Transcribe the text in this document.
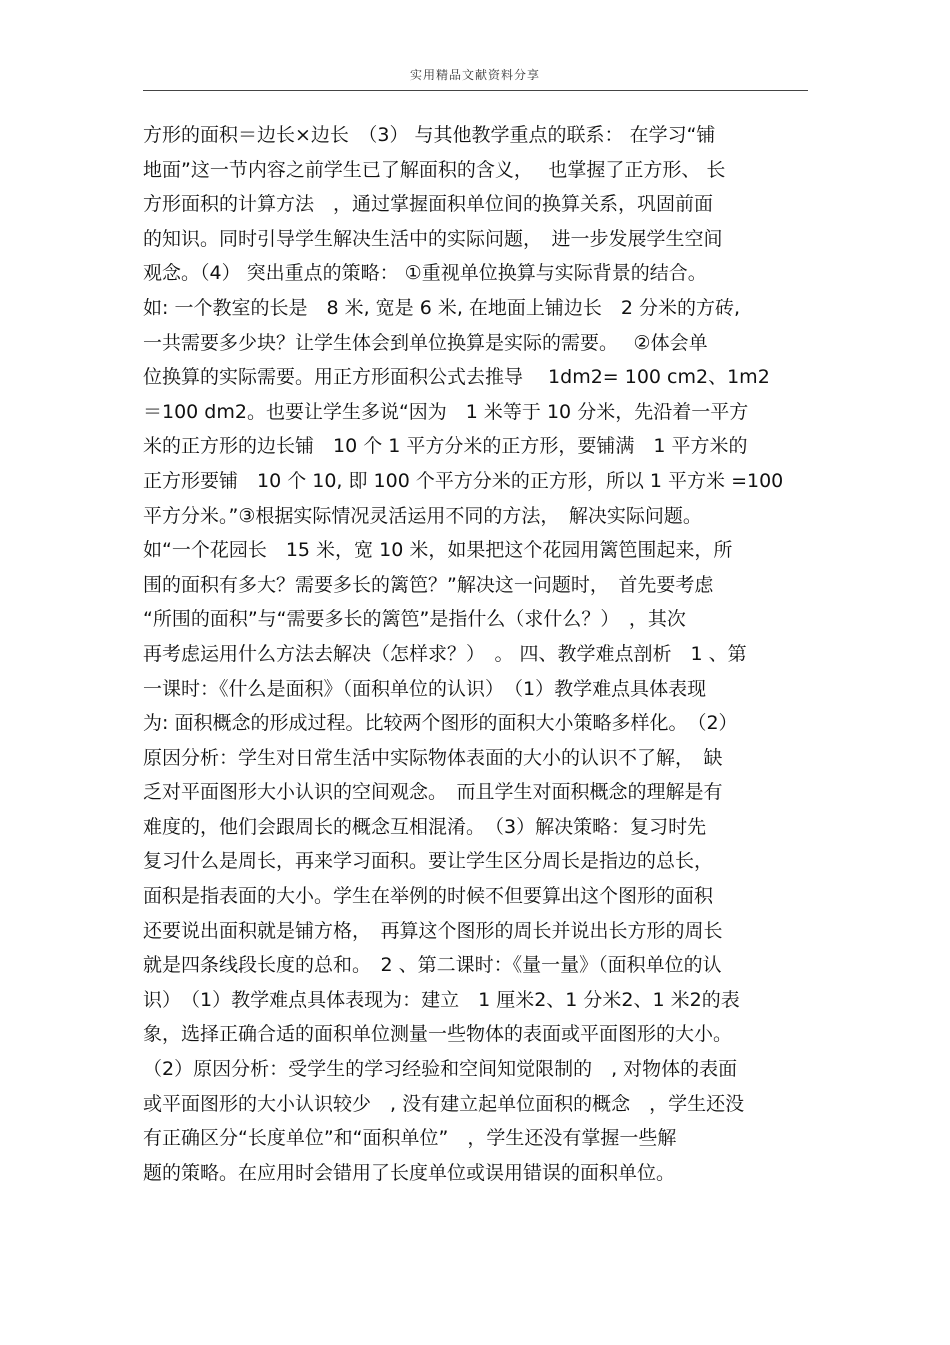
实用精品文献资料分享
方形的面积＝边长×边长　（3） 与其他教学重点的联系： 在学习“铺
地面”这一节内容之前学生已了解面积的含义，　 也掌握了正方形、 长
方形面积的计算方法　，通过掌握面积单位间的换算关系，巩固前面
的知识。同时引导学生解决生活中的实际问题，　进一步发展学生空间
观念。（4） 突出重点的策略： ①重视单位换算与实际背景的结合。
如: 一个教室的长是　8 米, 宽是 6 米, 在地面上铺边长　2 分米的方砖,
一共需要多少块？让学生体会到单位换算是实际的需要。　 ②体会单
位换算的实际需要。用正方形面积公式去推导　 1dm2= 100 cm2、1m2
＝100 dm2。也要让学生多说“因为　1 米等于 10 分米，先沿着一平方
米的正方形的边长铺　10 个 1 平方分米的正方形，要铺满　1 平方米的
正方形要铺　10 个 10, 即 100 个平方分米的正方形，所以 1 平方米 =100
平方分米。”③根据实际情况灵活运用不同的方法，　解决实际问题。
如“一个花园长　15 米，宽 10 米，如果把这个花园用篱笆围起来，所
围的面积有多大？需要多长的篱笆？”解决这一问题时，　首先要考虑
“所围的面积”与“需要多长的篱笆”是指什么（求什么？）　，其次
再考虑运用什么方法去解决（怎样求？）　。 四、教学难点剖析　1 、第
一课时：《什么是面积》（面积单位的认识）　（1）教学难点具体表现
为: 面积概念的形成过程。比较两个图形的面积大小策略多样化。　（2）
原因分析：学生对日常生活中实际物体表面的大小的认识不了解，　缺
乏对平面图形大小认识的空间观念。　而且学生对面积概念的理解是有
难度的，他们会跟周长的概念互相混淆。　（3）解决策略：复习时先
复习什么是周长，再来学习面积。要让学生区分周长是指边的总长，
面积是指表面的大小。学生在举例的时候不但要算出这个图形的面积
还要说出面积就是铺方格，　再算这个图形的周长并说出长方形的周长
就是四条线段长度的总和。　2 、第二课时：《量一量》（面积单位的认
识）　（1）教学难点具体表现为：建立　1 厘米2、1 分米2、1 米2的表
象，选择正确合适的面积单位测量一些物体的表面或平面图形的大小。
（2）原因分析：受学生的学习经验和空间知觉限制的　, 对物体的表面
或平面图形的大小认识较少　, 没有建立起单位面积的概念　，学生还没
有正确区分“长度单位”和“面积单位”　，学生还没有掌握一些解
题的策略。在应用时会错用了长度单位或误用错误的面积单位。
